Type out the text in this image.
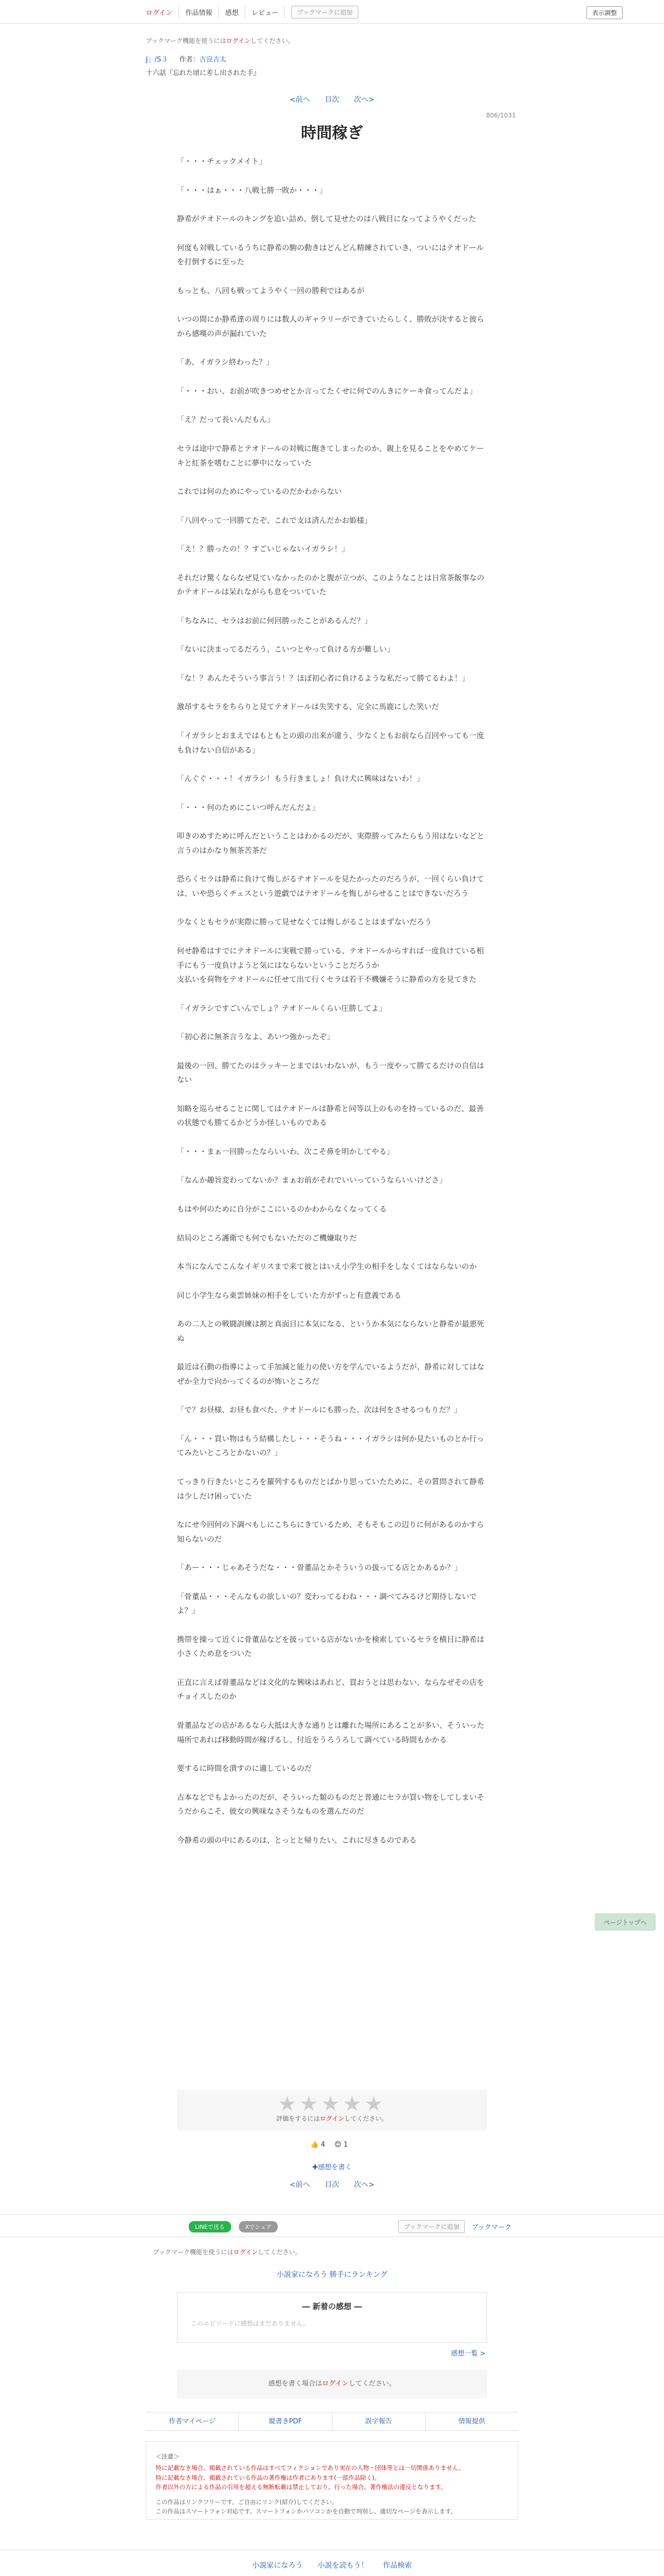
ログイン	作品情報	感想	レビュー	ブックマークに追加	表示調整
ブックマーク機能を使うにはログインしてください。
J」/S３ 作者：吉良吉太
十六話『忘れた頃に差し出された手』
<前へ 目次 次へ>
806/1031
時間稼ぎ

「・・・チェックメイト」

「・・・はぁ・・・八戦七勝一敗か・・・」

静希がテオドールのキングを追い詰め、倒して見せたのは八戦目になってようやくだった

何度も対戦しているうちに静希の駒の動きはどんどん精練されていき、ついにはテオドールを打倒するに至った

もっとも、八回も戦ってようやく一回の勝利ではあるが

いつの間にか静希達の周りには数人のギャラリーができていたらしく、勝敗が決すると彼らから感嘆の声が漏れていた

「あ、イガラシ終わった？」

「・・・おい、お前が吹きつめせとか言ってたくせに何でのんきにケーキ食ってんだよ」

「え？だって長いんだもん」

セラは途中で静希とテオドールの対戦に飽きてしまったのか、親上を見ることをやめてケーキと紅茶を嗜むことに夢中になっていた

これでは何のためにやっているのだかわからない

「八回やって一回勝てたぞ、これで支は済んだかお姫様」

「え！？勝ったの！？すごいじゃないイガラシ！」

それだけ驚くならなぜ見ていなかったのかと腹が立つが、このようなことは日常茶飯事なのかテオドールは呆れながらも息をついていた

「ちなみに、セラはお前に何回勝ったことがあるんだ？」

「ないに決まってるだろう、こいつとやって負ける方が難しい」

「な！？あんたそういう事言う！？ほぼ初心者に負けるような私だって勝てるわよ！」

激昂するセラをちらりと見てテオドールは失笑する、完全に馬鹿にした笑いだ

「イガラシとおまえではもともとの頭の出来が違う、少なくともお前なら百回やっても一度も負けない自信がある」

「んぐぐ・・・！イガラシ！もう行きましょ！負け犬に興味はないわ！」

「・・・何のためにこいつ呼んだんだよ」

叩きのめすために呼んだということはわかるのだが、実際勝ってみたらもう用はないなどと言うのはかなり無茶苦茶だ

恐らくセラは静希に負けて悔しがるテオドールを見たかったのだろうが、一回くらい負けては、いや恐らくチェスという遊戯ではテオドールを悔しがらせることはできないだろう

少なくともセラが実際に勝って見せなくては悔しがることはまずないだろう

何せ静希はすでにテオドールに実戦で勝っている、テオドールからすれば一度負けている相手にもう一度負けようと気にはならないということだろうか
支払いを荷物をテオドールに任せて出て行くセラは若干不機嫌そうに静希の方を見てきた

「イガラシですごいんでしょ？テオドールくらい圧勝してよ」

「初心者に無茶言うなよ、あいつ強かったぞ」

最後の一回、勝てたのはラッキーとまではいわないが、もう一度やって勝てるだけの自信はない

知略を巡らせることに関してはテオドールは静希と同等以上のものを持っているのだ、最善の状態でも勝てるかどうか怪しいものである

「・・・まぁ一回勝ったならいいわ、次こそ鼻を明かしてやる」

「なんか趣旨変わってないか？まぁお前がそれでいいっていうならいいけどさ」

もはや何のために自分がここにいるのかわからなくなってくる

結局のところ護衛でも何でもないただのご機嫌取りだ

本当になんでこんなイギリスまで来て彼とはいえ小学生の相手をしなくてはならないのか

同じ小学生なら東雲姉妹の相手をしていた方がずっと有意義である

あの二人との戦闘訓練は割と真面目に本気になる、というか本気にならないと静希が最悪死ぬ

最近は石動の指導によって手加減と能力の使い方を学んでいるようだが、静希に対してはなぜか全力で向かってくるのが怖いところだ

「で？お昼様、お昼も食べた、テオドールにも勝った、次は何をさせるつもりだ？」

「ん・・・買い物はもう結構したし・・・そうね・・・イガラシは何か見たいものとか行ってみたいところとかないの？」

てっきり行きたいところを羅列するものだとばかり思っていたために、その質問されて静希は少しだけ困っていた

なにせ今回何の下調べもしにこちらにきているため、そもそもこの辺りに何があるのかすら知らないのだ

「あー・・・じゃあそうだな・・・骨董品とかそういうの扱ってる店とかあるか？」

「骨董品・・・そんなもの欲しいの？変わってるわね・・・調べてみるけど期待しないでよ？」

携帯を操って近くに骨董品などを扱っている店がないかを検索しているセラを横目に静希は小さくため息をついた

正直に言えば骨董品などは文化的な興味はあれど、買おうとは思わない、ならなぜその店をチョイスしたのか

骨董品などの店があるなら大抵は大きな通りとは離れた場所にあることが多い、そういった場所であれば移動時間が稼げるし、付近をうろうろして調べている時間もかかる

要するに時間を潰すのに適しているのだ

古本などでもよかったのだが、そういった類のものだと普通にセラが買い物をしてしまいそうだからこそ、彼女の興味なさそうなものを選んだのだ

今静希の頭の中にあるのは、とっとと帰りたい、これに尽きるのである

ページトップへ
★★★★★
評価をするにはログインしてください。
👍 4 😊 1
✚感想を書く
<前へ 目次 次へ>
LINEで送る	Xでシェア	ブックマークに追加	ブックマーク
ブックマーク機能を使うにはログインしてください。
小説家になろう 勝手にランキング
― 新着の感想 ―
このエピソードに感想はまだありません。
感想一覧 >
感想を書く場合はログインしてください。
作者マイページ	縦書きPDF	誤字報告	情報提供
＜注意＞
特に記載なき場合、掲載されている作品はすべてフィクションであり実在の人物・団体等とは一切関係ありません。
特に記載なき場合、掲載されている作品の著作権は作者にあります(一部作品除く)。
作者以外の方による作品の引用を超える無断転載は禁止しており、行った場合、著作権法の違反となります。
この作品はリンクフリーです。ご自由にリンク(紹介)してください。
この作品はスマートフォン対応です。スマートフォンかパソコンかを自動で判別し、適切なページを表示します。
小説家になろう 小説を読もう！ 作品検索
